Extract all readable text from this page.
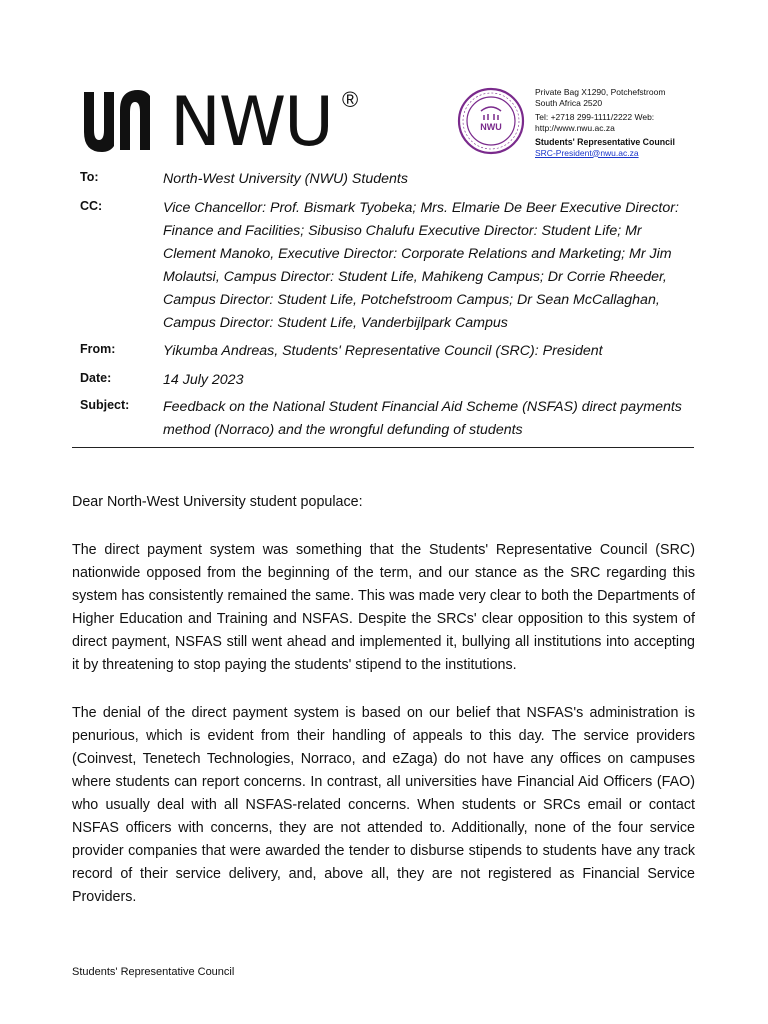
NWU ®
NWU
Private Bag X1290, Potchefstroom
South Africa 2520
Tel: +2718 299-1111/2222 Web:
http://www.nwu.ac.za
Students' Representative Council
SRC-President@nwu.ac.za
To:	North-West University (NWU) Students
CC:	Vice Chancellor: Prof. Bismark Tyobeka; Mrs. Elmarie De Beer Executive Director:
Finance and Facilities; Sibusiso Chalufu Executive Director: Student Life; Mr
Clement Manoko, Executive Director: Corporate Relations and Marketing; Mr Jim
Molautsi, Campus Director: Student Life, Mahikeng Campus; Dr Corrie Rheeder,
Campus Director: Student Life, Potchefstroom Campus; Dr Sean McCallaghan,
Campus Director: Student Life, Vanderbijlpark Campus
From:	Yikumba Andreas, Students' Representative Council (SRC): President
Date:	14 July 2023
Subject: Feedback on the National Student Financial Aid Scheme (NSFAS) direct payments
method (Norraco) and the wrongful defunding of students
Dear North-West University student populace:
The direct payment system was something that the Students' Representative Council (SRC) nationwide opposed from the beginning of the term, and our stance as the SRC regarding this system has consistently remained the same. This was made very clear to both the Departments of Higher Education and Training and NSFAS. Despite the SRCs' clear opposition to this system of direct payment, NSFAS still went ahead and implemented it, bullying all institutions into accepting it by threatening to stop paying the students' stipend to the institutions.
The denial of the direct payment system is based on our belief that NSFAS's administration is penurious, which is evident from their handling of appeals to this day. The service providers (Coinvest, Tenetech Technologies, Norraco, and eZaga) do not have any offices on campuses where students can report concerns. In contrast, all universities have Financial Aid Officers (FAO) who usually deal with all NSFAS-related concerns. When students or SRCs email or contact NSFAS officers with concerns, they are not attended to. Additionally, none of the four service provider companies that were awarded the tender to disburse stipends to students have any track record of their service delivery, and, above all, they are not registered as Financial Service Providers.
Students' Representative Council
